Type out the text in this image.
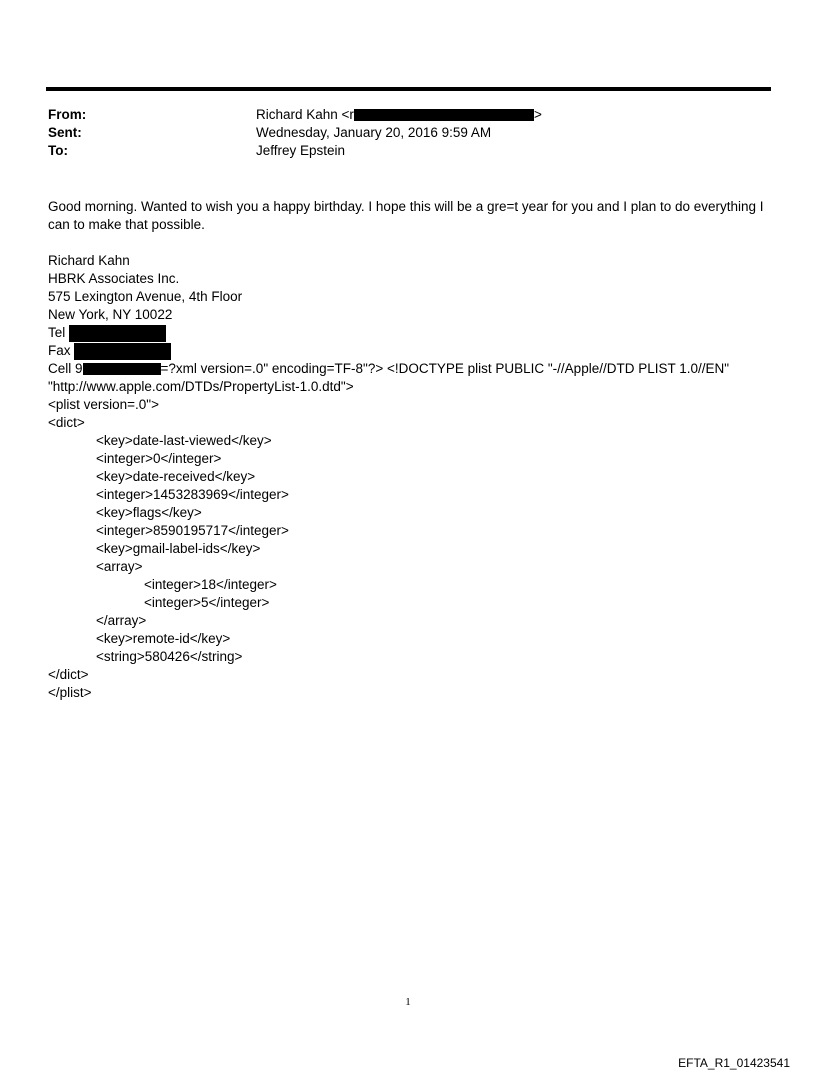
From:	Richard Kahn <r	>
Sent:	Wednesday, January 20, 2016 9:59 AM
To:	Jeffrey Epstein

Good morning. Wanted to wish you a happy birthday. I hope this will be a gre=t year for you and I plan to do everything I can to make that possible.

Richard Kahn
HBRK Associates Inc.
575 Lexington Avenue, 4th Floor
New York, NY 10022
Tel
Fax
Cell 9	=?xml version=.0" encoding=TF-8"?> <!DOCTYPE plist PUBLIC "-//Apple//DTD PLIST 1.0//EN"
"http://www.apple.com/DTDs/PropertyList-1.0.dtd">
<plist version=.0">
<dict>
<key>date-last-viewed</key>
<integer>0</integer>
<key>date-received</key>
<integer>1453283969</integer>
<key>flags</key>
<integer>8590195717</integer>
<key>gmail-label-ids</key>
<array>
<integer>18</integer>
<integer>5</integer>
</array>
<key>remote-id</key>
<string>580426</string>
</dict>
</plist>
1
EFTA_R1_01423541
